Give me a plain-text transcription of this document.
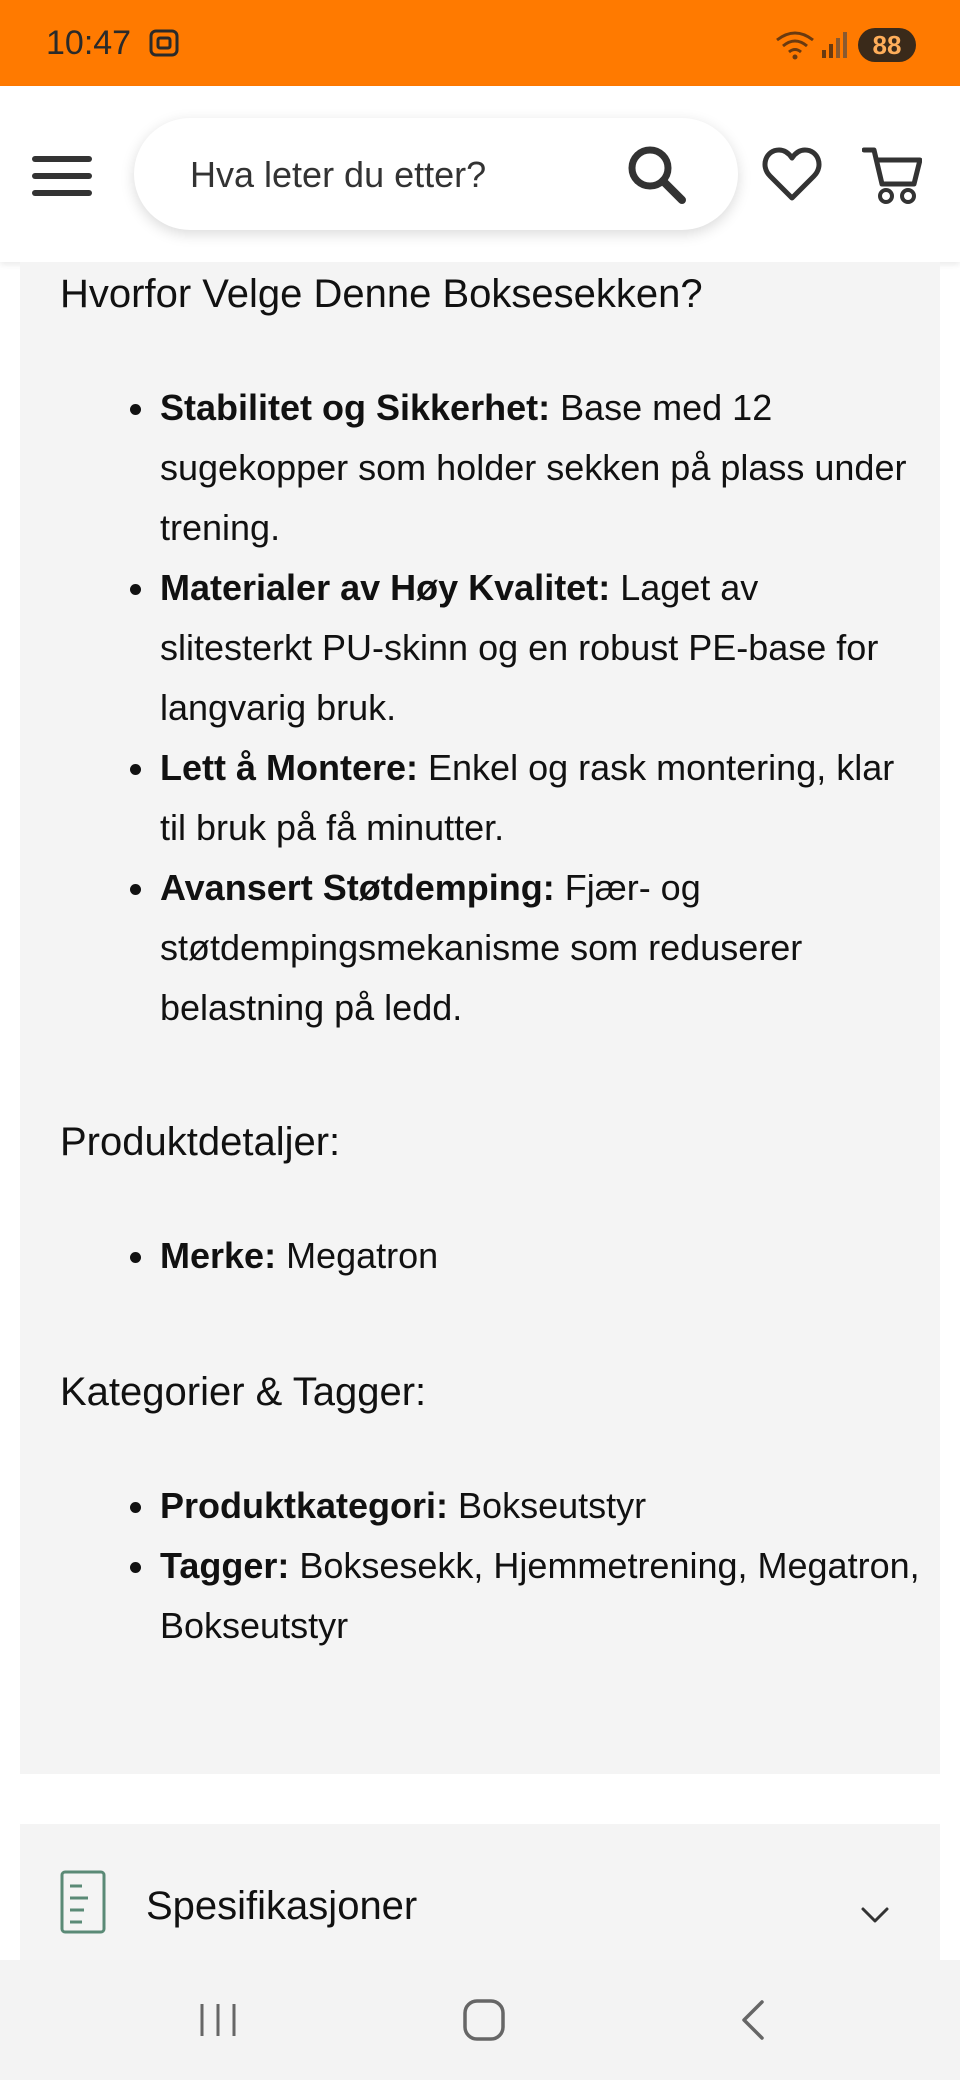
10:47	88
Hva leter du etter?
Hvorfor Velge Denne Boksesekken?
Stabilitet og Sikkerhet: Base med 12 sugekopper som holder sekken på plass under trening.
Materialer av Høy Kvalitet: Laget av slitesterkt PU-skinn og en robust PE-base for langvarig bruk.
Lett å Montere: Enkel og rask montering, klar til bruk på få minutter.
Avansert Støtdemping: Fjær- og støtdempingsmekanisme som reduserer belastning på ledd.
Produktdetaljer:
Merke: Megatron
Kategorier & Tagger:
Produktkategori: Bokseutstyr
Tagger: Boksesekk, Hjemmetrening, Megatron, Bokseutstyr
Spesifikasjoner
